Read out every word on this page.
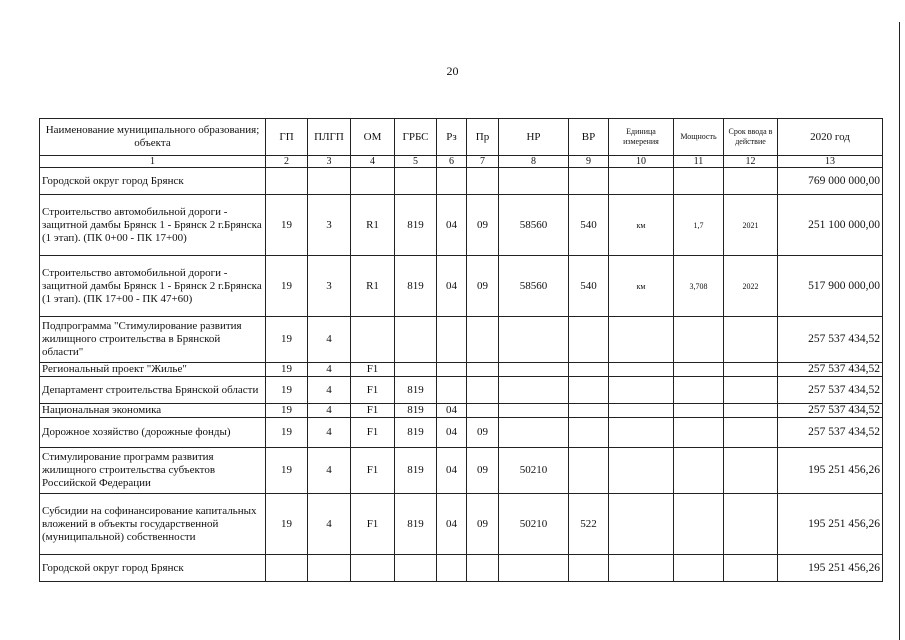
20
Наименование муниципального образования; объекта	ГП	ПЛГП	ОМ	ГРБС	Рз	Пр	НР	ВР	Единица измерения	Мощность	Срок ввода в действие	2020 год
1	2	3	4	5	6	7	8	9	10	11	12	13
Городской округ город Брянск												769 000 000,00
Строительство автомобильной дороги - защитной дамбы Брянск 1 - Брянск 2 г.Брянска (1 этап). (ПК 0+00 - ПК 17+00)	19	3	R1	819	04	09	58560	540	км	1,7	2021	251 100 000,00
Строительство автомобильной дороги - защитной дамбы Брянск 1 - Брянск 2 г.Брянска (1 этап). (ПК 17+00 - ПК 47+60)	19	3	R1	819	04	09	58560	540	км	3,708	2022	517 900 000,00
Подпрограмма "Стимулирование развития жилищного строительства в Брянской области"	19	4										257 537 434,52
Региональный проект "Жилье"	19	4	F1									257 537 434,52
Департамент строительства Брянской области	19	4	F1	819								257 537 434,52
Национальная экономика	19	4	F1	819	04							257 537 434,52
Дорожное хозяйство (дорожные фонды)	19	4	F1	819	04	09						257 537 434,52
Стимулирование программ развития жилищного строительства субъектов Российской Федерации	19	4	F1	819	04	09	50210					195 251 456,26
Субсидии на софинансирование капитальных вложений в объекты государственной (муниципальной) собственности	19	4	F1	819	04	09	50210	522				195 251 456,26
Городской округ город Брянск												195 251 456,26
